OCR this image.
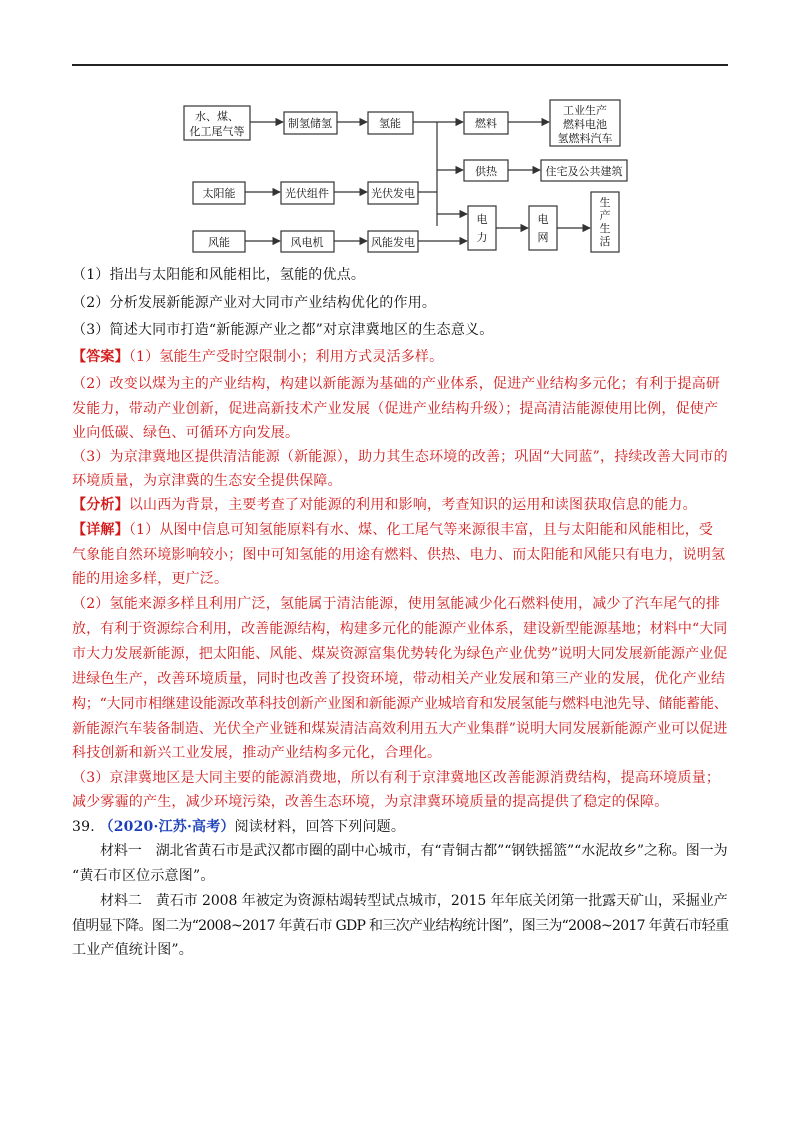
水、煤、
化工尾气等
制氢储氢	氢能	燃料
工业生产
燃料电池
氢燃料汽车
供热	住宅及公共建筑
太阳能	光伏组件	光伏发电
风能	风电机	风能发电
电
力
电
网
生
产
生
活
（1）指出与太阳能和风能相比，氢能的优点。
（2）分析发展新能源产业对大同市产业结构优化的作用。
（3）简述大同市打造“新能源产业之都”对京津冀地区的生态意义。
【答案】（1）氢能生产受时空限制小；利用方式灵活多样。
（2）改变以煤为主的产业结构，构建以新能源为基础的产业体系，促进产业结构多元化；有利于提高研
发能力，带动产业创新，促进高新技术产业发展（促进产业结构升级）；提高清洁能源使用比例，促使产
业向低碳、绿色、可循环方向发展。
（3）为京津冀地区提供清洁能源（新能源），助力其生态环境的改善；巩固“大同蓝”，持续改善大同市的
环境质量，为京津冀的生态安全提供保障。
【分析】以山西为背景，主要考查了对能源的利用和影响，考查知识的运用和读图获取信息的能力。
【详解】（1）从图中信息可知氢能原料有水、煤、化工尾气等来源很丰富，且与太阳能和风能相比，受
气象能自然环境影响较小；图中可知氢能的用途有燃料、供热、电力、而太阳能和风能只有电力，说明氢
能的用途多样，更广泛。
（2）氢能来源多样且利用广泛，氢能属于清洁能源，使用氢能减少化石燃料使用，减少了汽车尾气的排
放，有利于资源综合利用，改善能源结构，构建多元化的能源产业体系，建设新型能源基地；材料中“大同
市大力发展新能源，把太阳能、风能、煤炭资源富集优势转化为绿色产业优势”说明大同发展新能源产业促
进绿色生产，改善环境质量，同时也改善了投资环境，带动相关产业发展和第三产业的发展，优化产业结
构；“大同市相继建设能源改革科技创新产业图和新能源产业城培育和发展氢能与燃料电池先导、储能蓄能、
新能源汽车装备制造、光伏全产业链和煤炭清洁高效利用五大产业集群”说明大同发展新能源产业可以促进
科技创新和新兴工业发展，推动产业结构多元化，合理化。
（3）京津冀地区是大同主要的能源消费地，所以有利于京津冀地区改善能源消费结构，提高环境质量；
减少雾霾的产生，减少环境污染，改善生态环境，为京津冀环境质量的提高提供了稳定的保障。
39. （2020·江苏·高考）阅读材料，回答下列问题。
材料一　湖北省黄石市是武汉都市圈的副中心城市，有“青铜古都”“钢铁摇篮”“水泥故乡”之称。图一为
“黄石市区位示意图”。
材料二　黄石市 2008 年被定为资源枯竭转型试点城市，2015 年年底关闭第一批露天矿山，采掘业产
值明显下降。图二为“2008~2017 年黄石市 GDP 和三次产业结构统计图”，图三为“2008~2017 年黄石市轻重
工业产值统计图”。
